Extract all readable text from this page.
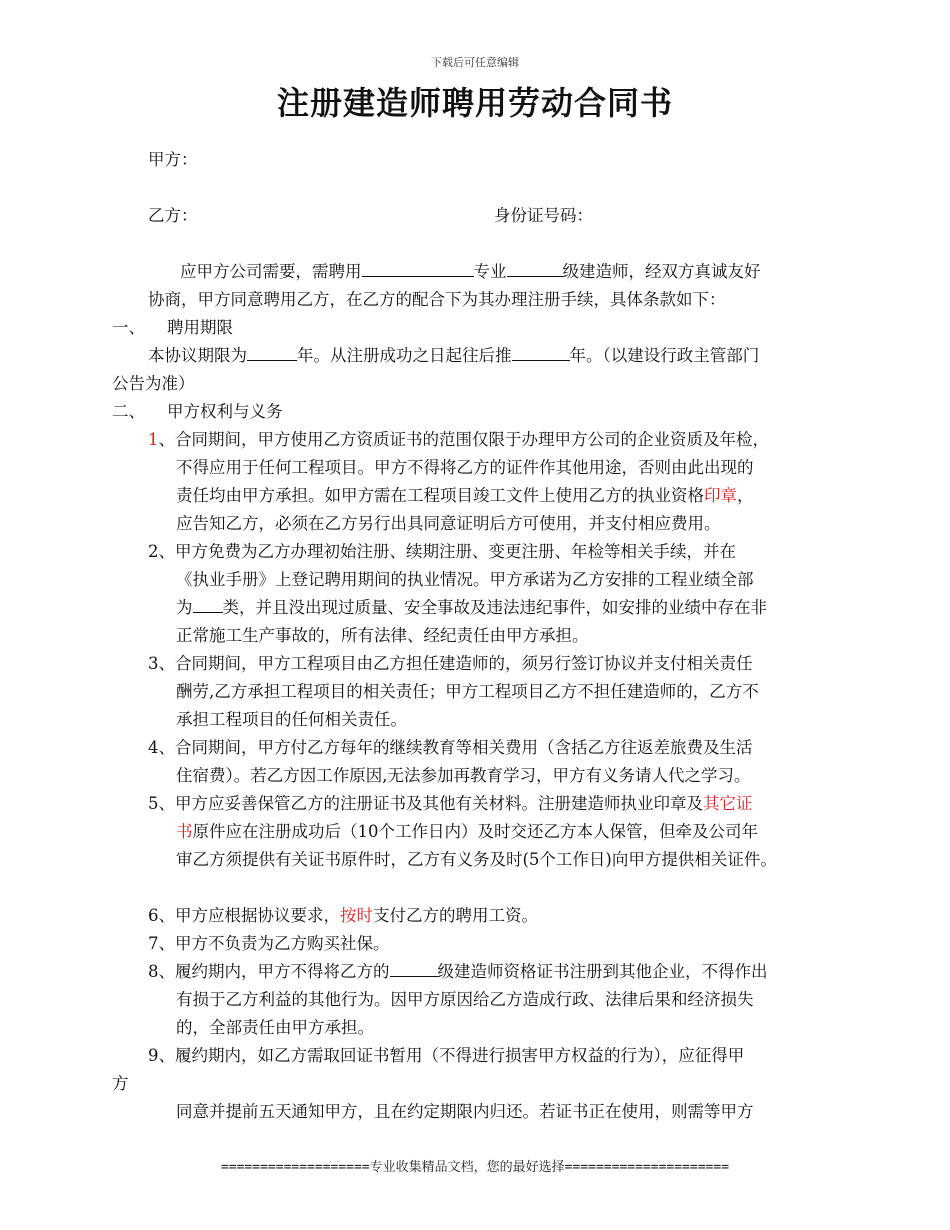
下载后可任意编辑
注册建造师聘用劳动合同书
甲方：
乙方：	身份证号码：
应甲方公司需要，需聘用	专业	级建造师，经双方真诚友好
协商，甲方同意聘用乙方，在乙方的配合下为其办理注册手续，具体条款如下：
一、 聘用期限
本协议期限为	年。从注册成功之日起往后推	年。（以建设行政主管部门
公告为准）
二、 甲方权利与义务
1、合同期间，甲方使用乙方资质证书的范围仅限于办理甲方公司的企业资质及年检，
不得应用于任何工程项目。甲方不得将乙方的证件作其他用途，否则由此出现的
责任均由甲方承担。如甲方需在工程项目竣工文件上使用乙方的执业资格印章，
应告知乙方，必须在乙方另行出具同意证明后方可使用，并支付相应费用。
2、甲方免费为乙方办理初始注册、续期注册、变更注册、年检等相关手续，并在
《执业手册》上登记聘用期间的执业情况。甲方承诺为乙方安排的工程业绩全部
为 类，并且没出现过质量、安全事故及违法违纪事件，如安排的业绩中存在非
正常施工生产事故的，所有法律、经纪责任由甲方承担。
3、合同期间，甲方工程项目由乙方担任建造师的，须另行签订协议并支付相关责任
酬劳,乙方承担工程项目的相关责任；甲方工程项目乙方不担任建造师的，乙方不
承担工程项目的任何相关责任。
4、合同期间，甲方付乙方每年的继续教育等相关费用（含括乙方往返差旅费及生活
住宿费）。若乙方因工作原因,无法参加再教育学习，甲方有义务请人代之学习。
5、甲方应妥善保管乙方的注册证书及其他有关材料。注册建造师执业印章及其它证
书原件应在注册成功后（10个工作日内）及时交还乙方本人保管，但牵及公司年
审乙方须提供有关证书原件时，乙方有义务及时(5个工作日)向甲方提供相关证件。
6、甲方应根据协议要求，按时支付乙方的聘用工资。
7、甲方不负责为乙方购买社保。
8、履约期内，甲方不得将乙方的	级建造师资格证书注册到其他企业，不得作出
有损于乙方利益的其他行为。因甲方原因给乙方造成行政、法律后果和经济损失
的，全部责任由甲方承担。
9、履约期内，如乙方需取回证书暂用（不得进行损害甲方权益的行为），应征得甲
方
同意并提前五天通知甲方，且在约定期限内归还。若证书正在使用，则需等甲方
===================专业收集精品文档，您的最好选择=====================
